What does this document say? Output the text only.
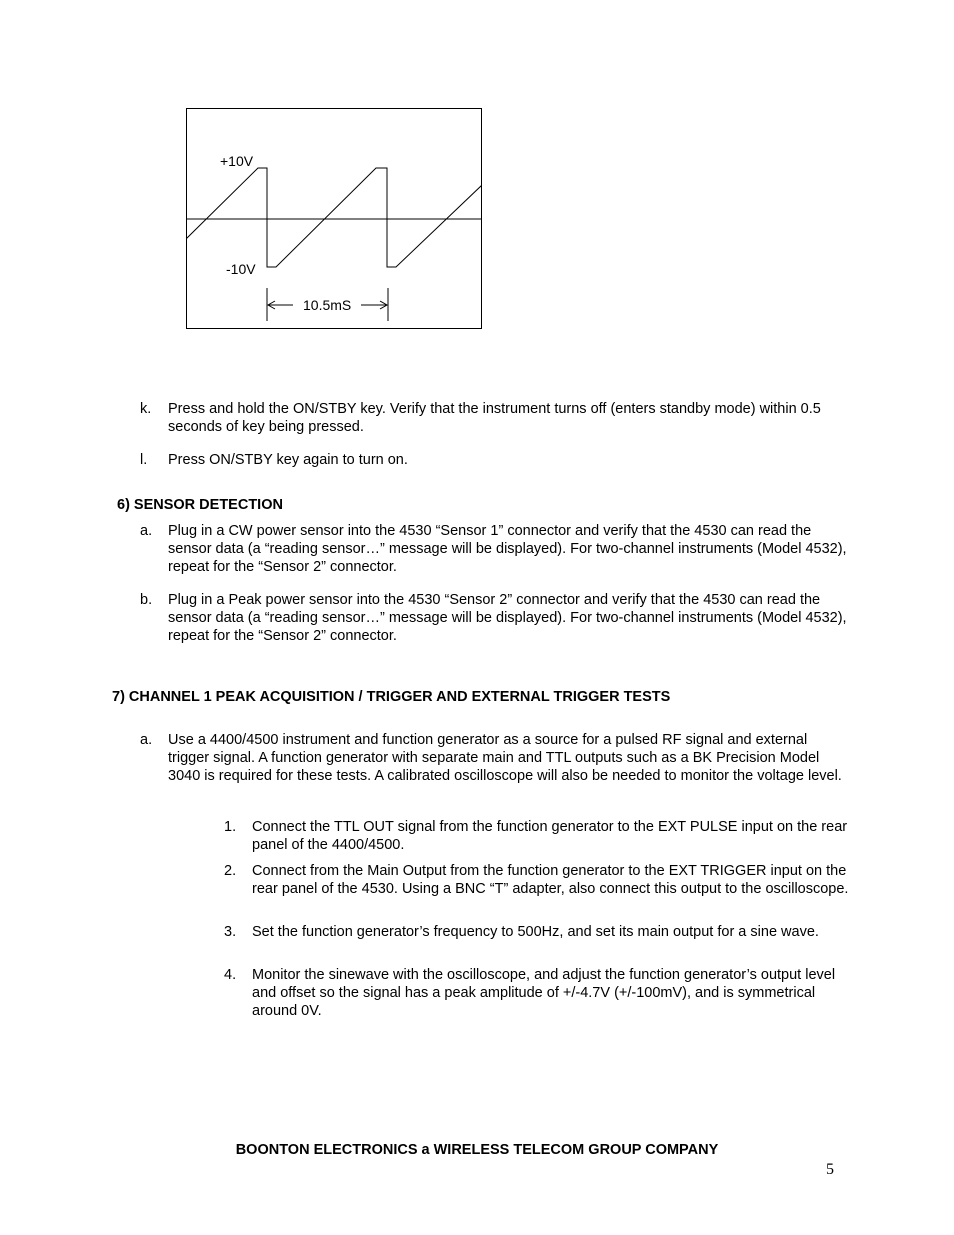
+10V
-10V
10.5mS
k. Press and hold the ON/STBY key. Verify that the instrument turns off (enters standby mode) within 0.5 seconds of key being pressed.
l. Press ON/STBY key again to turn on.
6) SENSOR DETECTION
a. Plug in a CW power sensor into the 4530 “Sensor 1” connector and verify that the 4530 can read the sensor data (a “reading sensor…” message will be displayed). For two-channel instruments (Model 4532), repeat for the “Sensor 2” connector.
b. Plug in a Peak power sensor into the 4530 “Sensor 2” connector and verify that the 4530 can read the sensor data (a “reading sensor…” message will be displayed). For two-channel instruments (Model 4532), repeat for the “Sensor 2” connector.
7) CHANNEL 1 PEAK ACQUISITION / TRIGGER AND EXTERNAL TRIGGER TESTS
a. Use a 4400/4500 instrument and function generator as a source for a pulsed RF signal and external trigger signal. A function generator with separate main and TTL outputs such as a BK Precision Model 3040 is required for these tests. A calibrated oscilloscope will also be needed to monitor the voltage level.
1. Connect the TTL OUT signal from the function generator to the EXT PULSE input on the rear panel of the 4400/4500.
2. Connect from the Main Output from the function generator to the EXT TRIGGER input on the rear panel of the 4530. Using a BNC “T” adapter, also connect this output to the oscilloscope.
3. Set the function generator’s frequency to 500Hz, and set its main output for a sine wave.
4. Monitor the sinewave with the oscilloscope, and adjust the function generator’s output level and offset so the signal has a peak amplitude of +/-4.7V (+/-100mV), and is symmetrical around 0V.
BOONTON ELECTRONICS a WIRELESS TELECOM GROUP COMPANY
5
